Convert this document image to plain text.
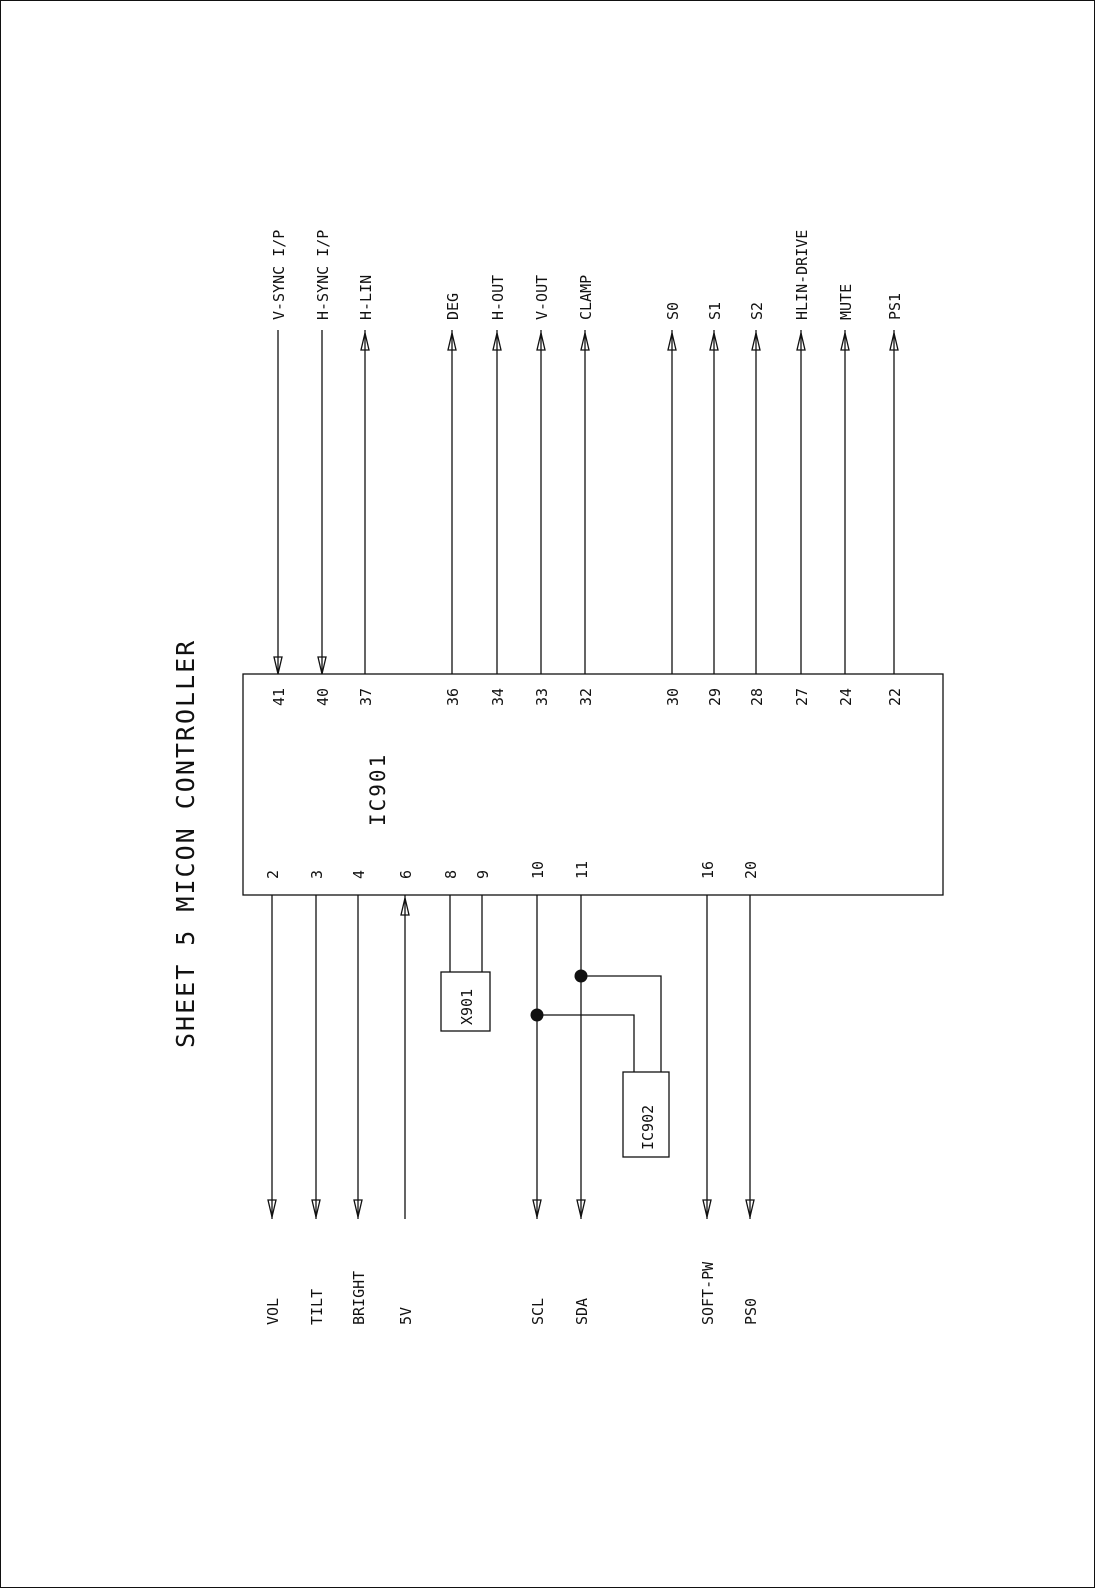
SHEET 5 MICON CONTROLLER	IC901
41
V-SYNC I/P
40
H-SYNC I/P
37
H-LIN
36
DEG
34
H-OUT
33
V-OUT
32
CLAMP
30
S0
29
S1
28
S2
27
HLIN-DRIVE
24
MUTE
22
PS1
2
VOL
3
TILT
4
BRIGHT
6
5V
8 9 10
SCL
11
SDA
16
SOFT-PW
20
PS0
X901
IC902
